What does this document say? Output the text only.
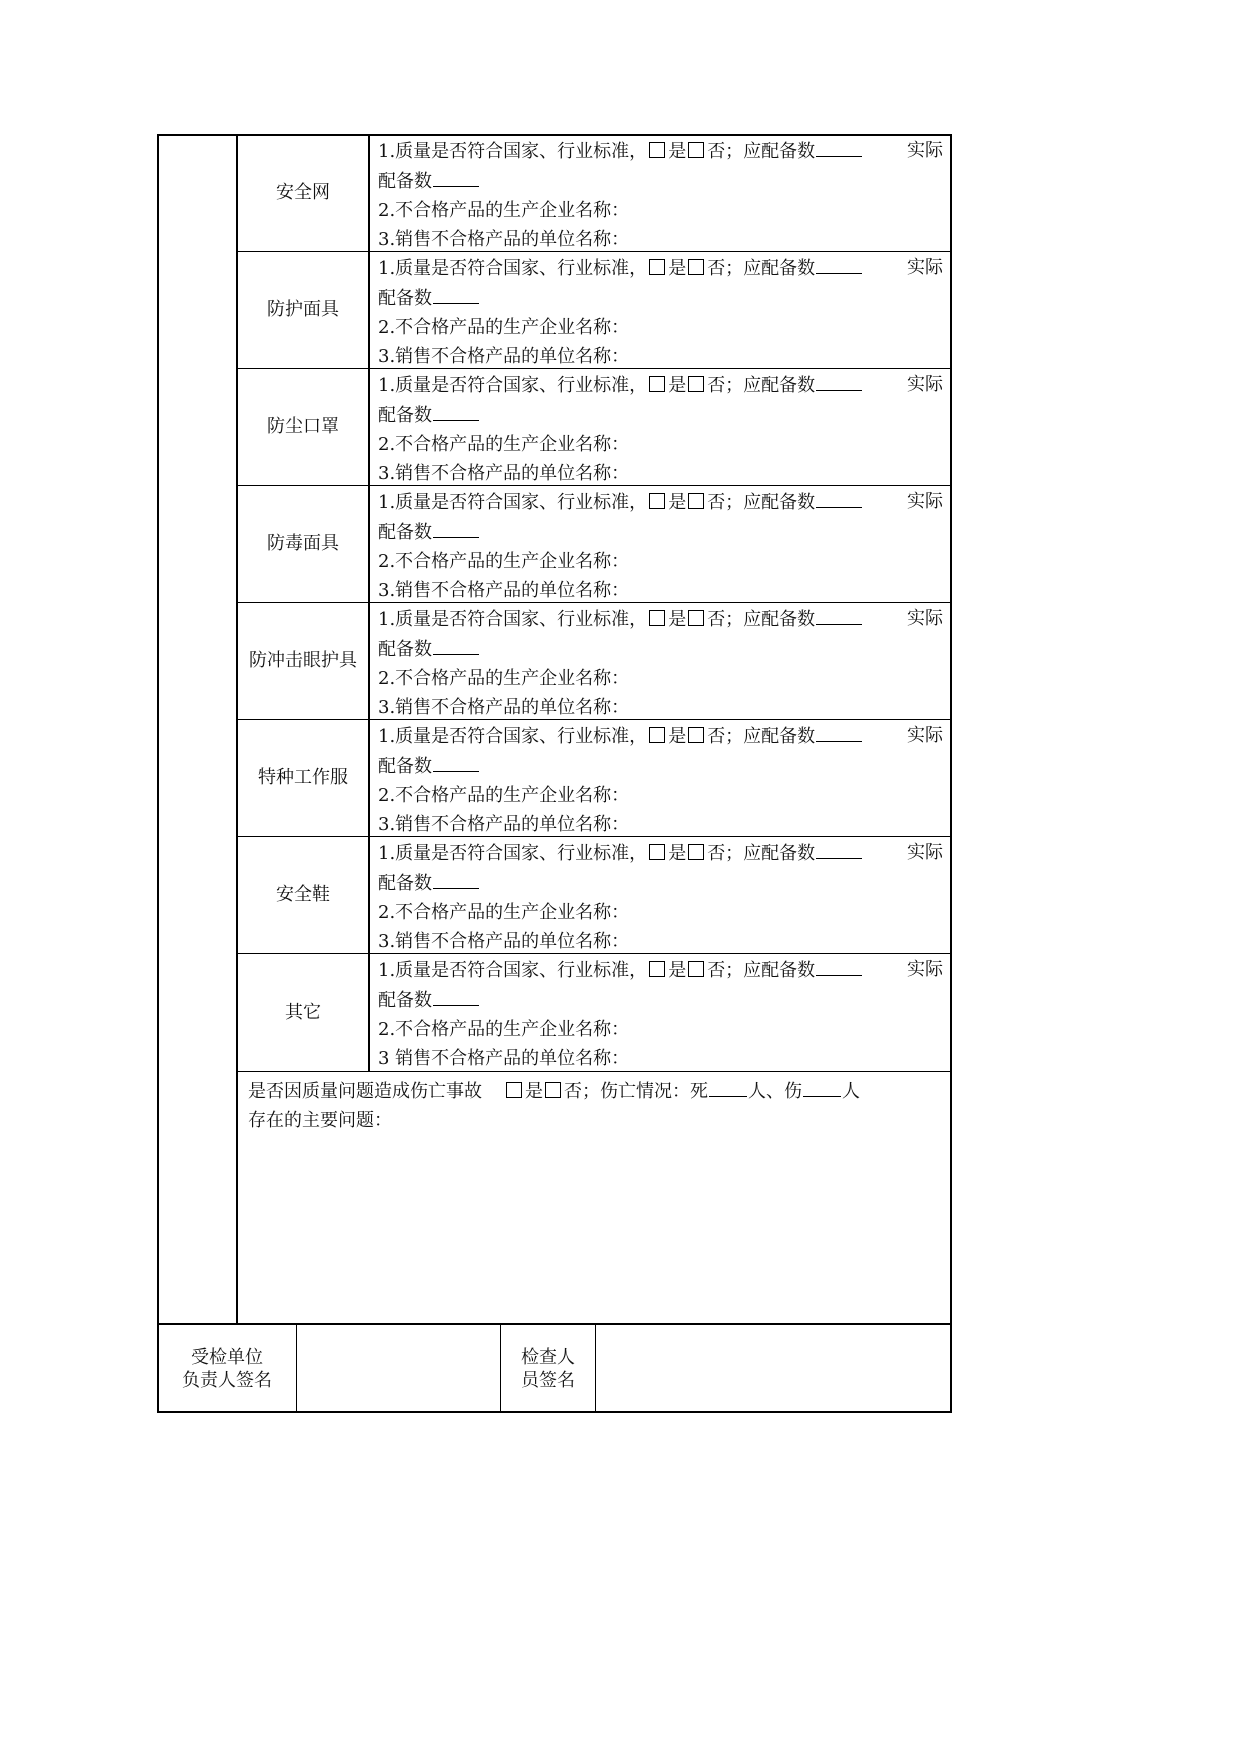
安全网
1.质量是否符合国家、行业标准， 是 否；应配备数	实际
配备数
2.不合格产品的生产企业名称：
3.销售不合格产品的单位名称：
防护面具
1.质量是否符合国家、行业标准， 是 否；应配备数	实际
配备数
2.不合格产品的生产企业名称：
3.销售不合格产品的单位名称：
防尘口罩
1.质量是否符合国家、行业标准， 是 否；应配备数	实际
配备数
2.不合格产品的生产企业名称：
3.销售不合格产品的单位名称：
防毒面具
1.质量是否符合国家、行业标准， 是 否；应配备数	实际
配备数
2.不合格产品的生产企业名称：
3.销售不合格产品的单位名称：
防冲击眼护具
1.质量是否符合国家、行业标准， 是 否；应配备数	实际
配备数
2.不合格产品的生产企业名称：
3.销售不合格产品的单位名称：
特种工作服
1.质量是否符合国家、行业标准， 是 否；应配备数	实际
配备数
2.不合格产品的生产企业名称：
3.销售不合格产品的单位名称：
安全鞋
1.质量是否符合国家、行业标准， 是 否；应配备数	实际
配备数
2.不合格产品的生产企业名称：
3.销售不合格产品的单位名称：
其它
1.质量是否符合国家、行业标准， 是 否；应配备数	实际
配备数
2.不合格产品的生产企业名称：
3 销售不合格产品的单位名称：
是否因质量问题造成伤亡事故 是 否；伤亡情况：死 人、伤 人
存在的主要问题：
受检单位
负责人签名
检查人
员签名
